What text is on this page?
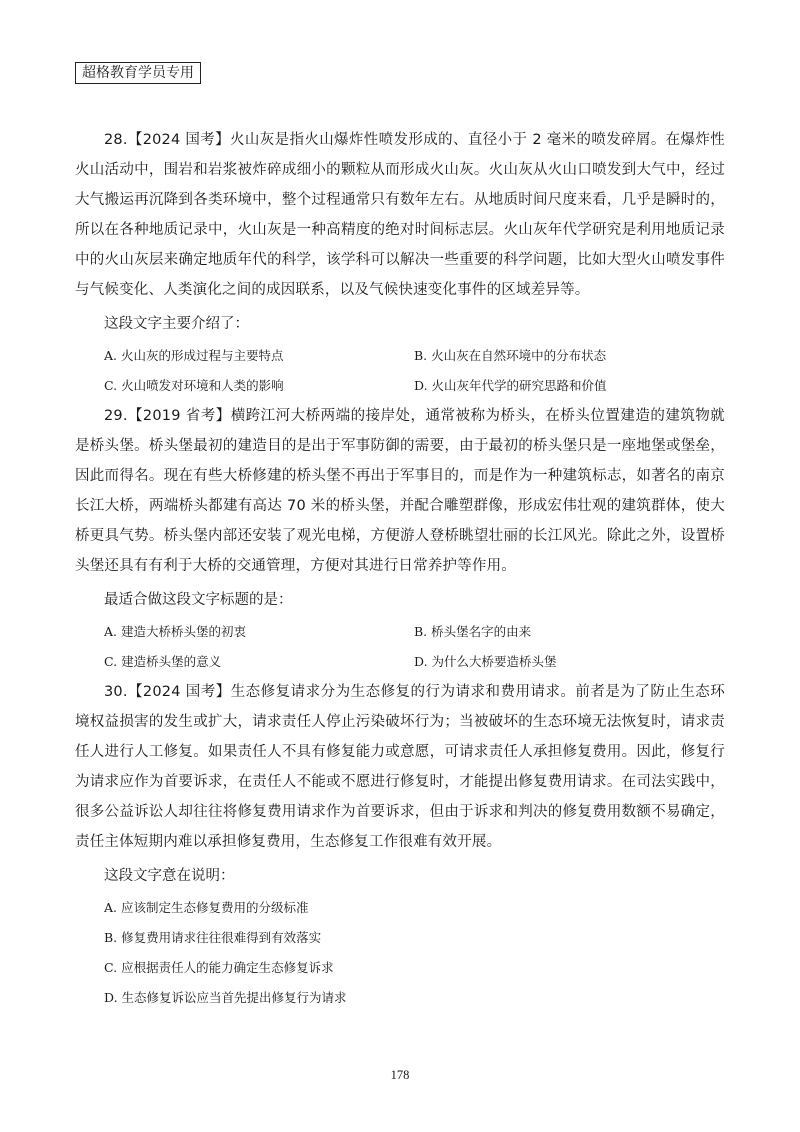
超格教育学员专用

28.【2024 国考】火山灰是指火山爆炸性喷发形成的、直径小于 2 毫米的喷发碎屑。在爆炸性火山活动中，围岩和岩浆被炸碎成细小的颗粒从而形成火山灰。火山灰从火山口喷发到大气中，经过大气搬运再沉降到各类环境中，整个过程通常只有数年左右。从地质时间尺度来看，几乎是瞬时的，所以在各种地质记录中，火山灰是一种高精度的绝对时间标志层。火山灰年代学研究是利用地质记录中的火山灰层来确定地质年代的科学，该学科可以解决一些重要的科学问题，比如大型火山喷发事件与气候变化、人类演化之间的成因联系，以及气候快速变化事件的区域差异等。

这段文字主要介绍了：

A. 火山灰的形成过程与主要特点	B. 火山灰在自然环境中的分布状态
C. 火山喷发对环境和人类的影响	D. 火山灰年代学的研究思路和价值

29.【2019 省考】横跨江河大桥两端的接岸处，通常被称为桥头，在桥头位置建造的建筑物就是桥头堡。桥头堡最初的建造目的是出于军事防御的需要，由于最初的桥头堡只是一座地堡或堡垒，因此而得名。现在有些大桥修建的桥头堡不再出于军事目的，而是作为一种建筑标志，如著名的南京长江大桥，两端桥头都建有高达 70 米的桥头堡，并配合雕塑群像，形成宏伟壮观的建筑群体，使大桥更具气势。桥头堡内部还安装了观光电梯，方便游人登桥眺望壮丽的长江风光。除此之外，设置桥头堡还具有有利于大桥的交通管理，方便对其进行日常养护等作用。

最适合做这段文字标题的是：

A. 建造大桥桥头堡的初衷	B. 桥头堡名字的由来
C. 建造桥头堡的意义	D. 为什么大桥要造桥头堡

30.【2024 国考】生态修复请求分为生态修复的行为请求和费用请求。前者是为了防止生态环境权益损害的发生或扩大，请求责任人停止污染破坏行为；当被破坏的生态环境无法恢复时，请求责任人进行人工修复。如果责任人不具有修复能力或意愿，可请求责任人承担修复费用。因此，修复行为请求应作为首要诉求，在责任人不能或不愿进行修复时，才能提出修复费用请求。在司法实践中，很多公益诉讼人却往往将修复费用请求作为首要诉求，但由于诉求和判决的修复费用数额不易确定，责任主体短期内难以承担修复费用，生态修复工作很难有效开展。

这段文字意在说明：

A. 应该制定生态修复费用的分级标准
B. 修复费用请求往往很难得到有效落实
C. 应根据责任人的能力确定生态修复诉求
D. 生态修复诉讼应当首先提出修复行为请求
178
